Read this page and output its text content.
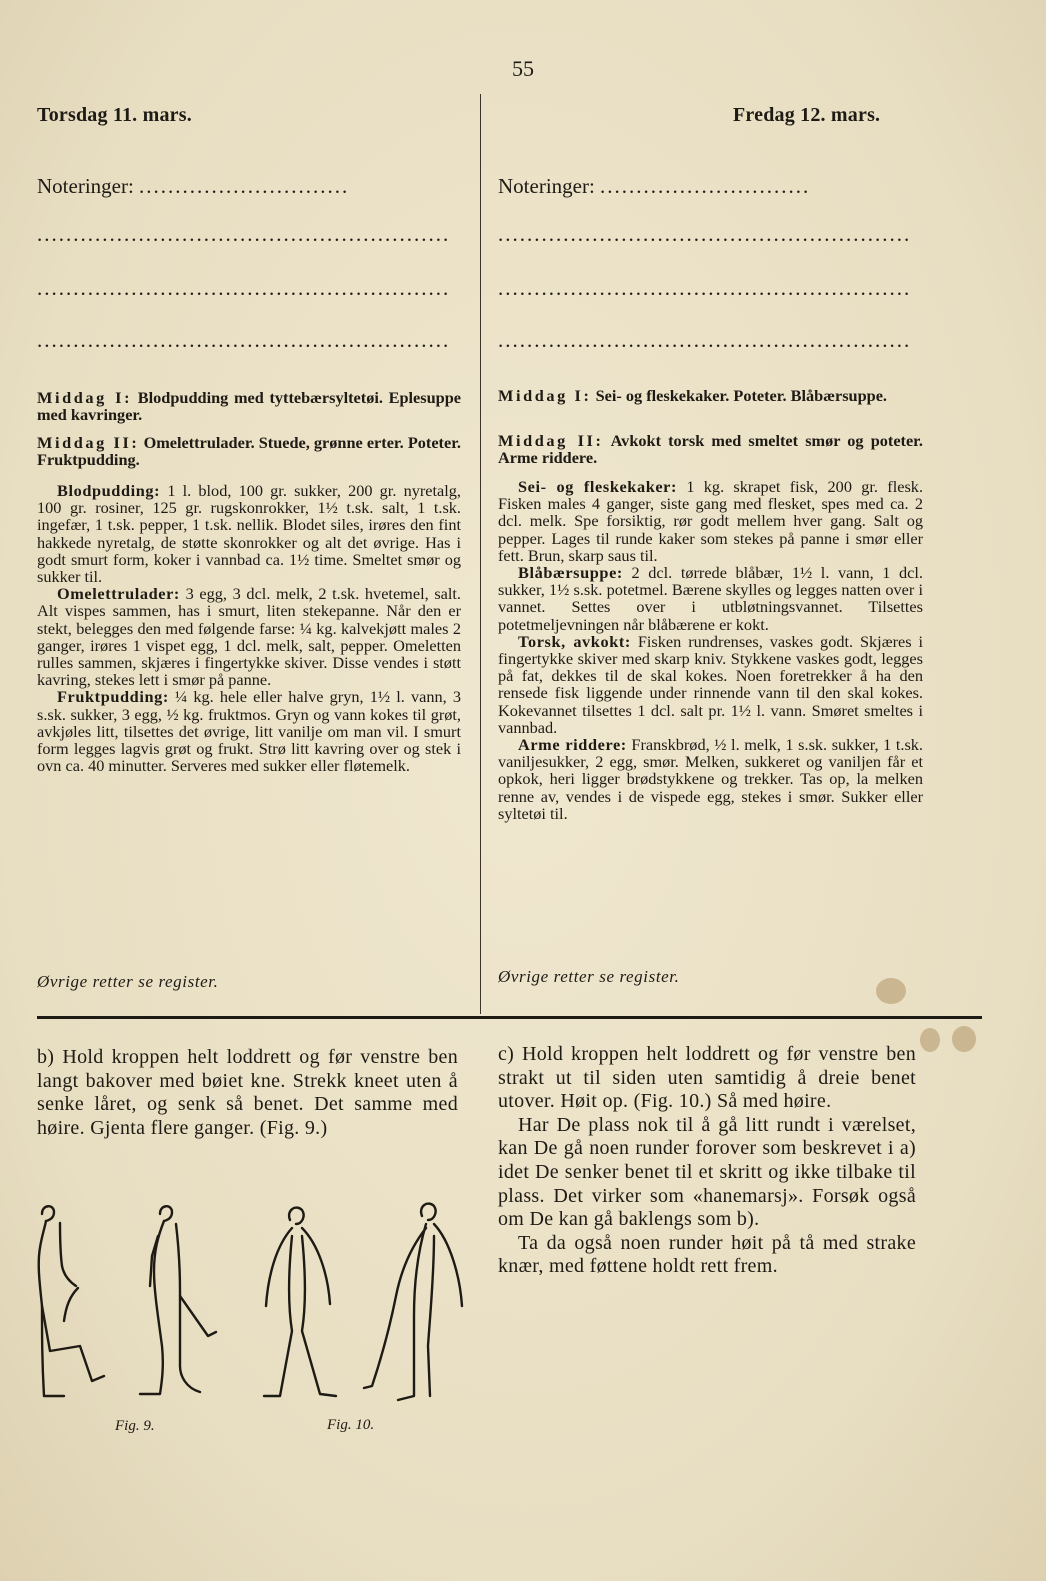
55
Torsdag 11. mars.
Noteringer: .............................
.........................................................
.........................................................
.........................................................
Middag I: Blodpudding med tyttebærsyltetøi. Eplesuppe med kavringer.
Middag II: Omelettrulader. Stuede, grønne erter. Poteter. Fruktpudding.

Blodpudding: 1 l. blod, 100 gr. sukker, 200 gr. nyretalg, 100 gr. rosiner, 125 gr. rugskonrokker, 1½ t.sk. salt, 1 t.sk. ingefær, 1 t.sk. pepper, 1 t.sk. nellik. Blodet siles, irøres den fint hakkede nyretalg, de støtte skonrokker og alt det øvrige. Has i godt smurt form, koker i vannbad ca. 1½ time. Smeltet smør og sukker til.

Omelettrulader: 3 egg, 3 dcl. melk, 2 t.sk. hvetemel, salt. Alt vispes sammen, has i smurt, liten stekepanne. Når den er stekt, belegges den med følgende farse: ¼ kg. kalvekjøtt males 2 ganger, irøres 1 vispet egg, 1 dcl. melk, salt, pepper. Omeletten rulles sammen, skjæres i fingertykke skiver. Disse vendes i støtt kavring, stekes lett i smør på panne.

Fruktpudding: ¼ kg. hele eller halve gryn, 1½ l. vann, 3 s.sk. sukker, 3 egg, ½ kg. fruktmos. Gryn og vann kokes til grøt, avkjøles litt, tilsettes det øvrige, litt vanilje om man vil. I smurt form legges lagvis grøt og frukt. Strø litt kavring over og stek i ovn ca. 40 minutter. Serveres med sukker eller fløtemelk.

Øvrige retter se register.
Fredag 12. mars.
Noteringer: .............................
.........................................................
.........................................................
.........................................................
Middag I: Sei- og fleskekaker. Poteter. Blåbærsuppe.
Middag II: Avkokt torsk med smeltet smør og poteter. Arme riddere.

Sei- og fleskekaker: 1 kg. skrapet fisk, 200 gr. flesk. Fisken males 4 ganger, siste gang med flesket, spes med ca. 2 dcl. melk. Spe forsiktig, rør godt mellem hver gang. Salt og pepper. Lages til runde kaker som stekes på panne i smør eller fett. Brun, skarp saus til.

Blåbærsuppe: 2 dcl. tørrede blåbær, 1½ l. vann, 1 dcl. sukker, 1½ s.sk. potetmel. Bærene skylles og legges natten over i vannet. Settes over i utbløtningsvannet. Tilsettes potetmeljevningen når blåbærene er kokt.

Torsk, avkokt: Fisken rundrenses, vaskes godt. Skjæres i fingertykke skiver med skarp kniv. Stykkene vaskes godt, legges på fat, dekkes til de skal kokes. Noen foretrekker å ha den rensede fisk liggende under rinnende vann til den skal kokes. Kokevannet tilsettes 1 dcl. salt pr. 1½ l. vann. Smøret smeltes i vannbad.

Arme riddere: Franskbrød, ½ l. melk, 1 s.sk. sukker, 1 t.sk. vaniljesukker, 2 egg, smør. Melken, sukkeret og vaniljen får et opkok, heri ligger brødstykkene og trekker. Tas op, la melken renne av, vendes i de vispede egg, stekes i smør. Sukker eller syltetøi til.

Øvrige retter se register.

b) Hold kroppen helt loddrett og før venstre ben langt bakover med bøiet kne. Strekk kneet uten å senke låret, og senk så benet. Det samme med høire. Gjenta flere ganger. (Fig. 9.)

c) Hold kroppen helt loddrett og før venstre ben strakt ut til siden uten samtidig å dreie benet utover. Høit op. (Fig. 10.) Så med høire.

Har De plass nok til å gå litt rundt i værelset, kan De gå noen runder forover som beskrevet i a) idet De senker benet til et skritt og ikke tilbake til plass. Det virker som «hanemarsj». Forsøk også om De kan gå baklengs som b).

Ta da også noen runder høit på tå med strake knær, med føttene holdt rett frem.

Fig. 9.	Fig. 10.
